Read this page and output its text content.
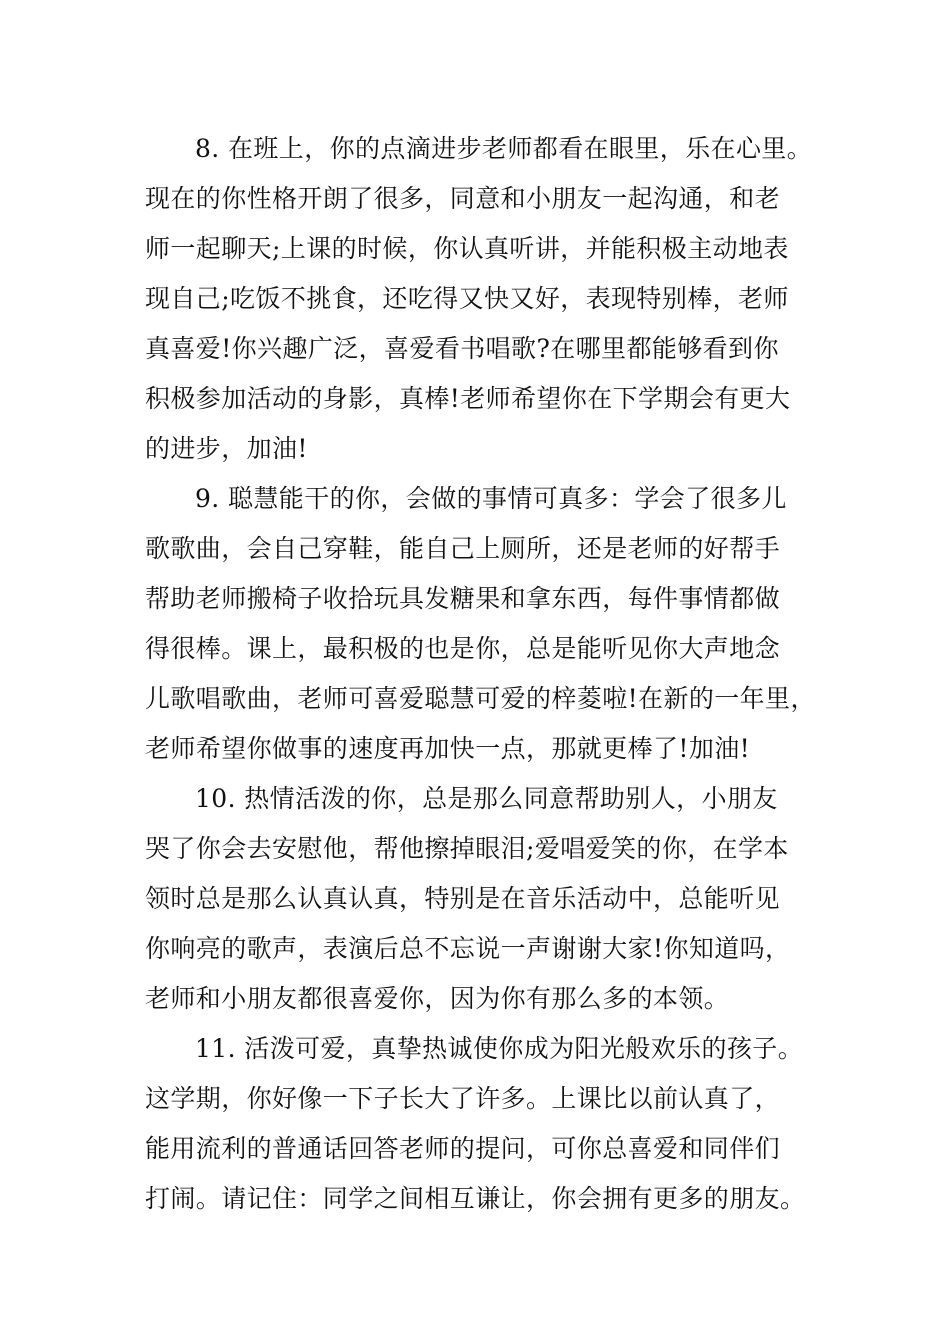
8. 在班上，你的点滴进步老师都看在眼里，乐在心里。
现在的你性格开朗了很多，同意和小朋友一起沟通，和老
师一起聊天;上课的时候，你认真听讲，并能积极主动地表
现自己;吃饭不挑食，还吃得又快又好，表现特别棒，老师
真喜爱!你兴趣广泛，喜爱看书唱歌?在哪里都能够看到你
积极参加活动的身影，真棒!老师希望你在下学期会有更大
的进步，加油!
9. 聪慧能干的你，会做的事情可真多：学会了很多儿
歌歌曲，会自己穿鞋，能自己上厕所，还是老师的好帮手
帮助老师搬椅子收拾玩具发糖果和拿东西，每件事情都做
得很棒。课上，最积极的也是你，总是能听见你大声地念
儿歌唱歌曲，老师可喜爱聪慧可爱的梓菱啦!在新的一年里，
老师希望你做事的速度再加快一点，那就更棒了!加油!
10. 热情活泼的你，总是那么同意帮助别人，小朋友
哭了你会去安慰他，帮他擦掉眼泪;爱唱爱笑的你，在学本
领时总是那么认真认真，特别是在音乐活动中，总能听见
你响亮的歌声，表演后总不忘说一声谢谢大家!你知道吗，
老师和小朋友都很喜爱你，因为你有那么多的本领。
11. 活泼可爱，真挚热诚使你成为阳光般欢乐的孩子。
这学期，你好像一下子长大了许多。上课比以前认真了，
能用流利的普通话回答老师的提问，可你总喜爱和同伴们
打闹。请记住：同学之间相互谦让，你会拥有更多的朋友。
